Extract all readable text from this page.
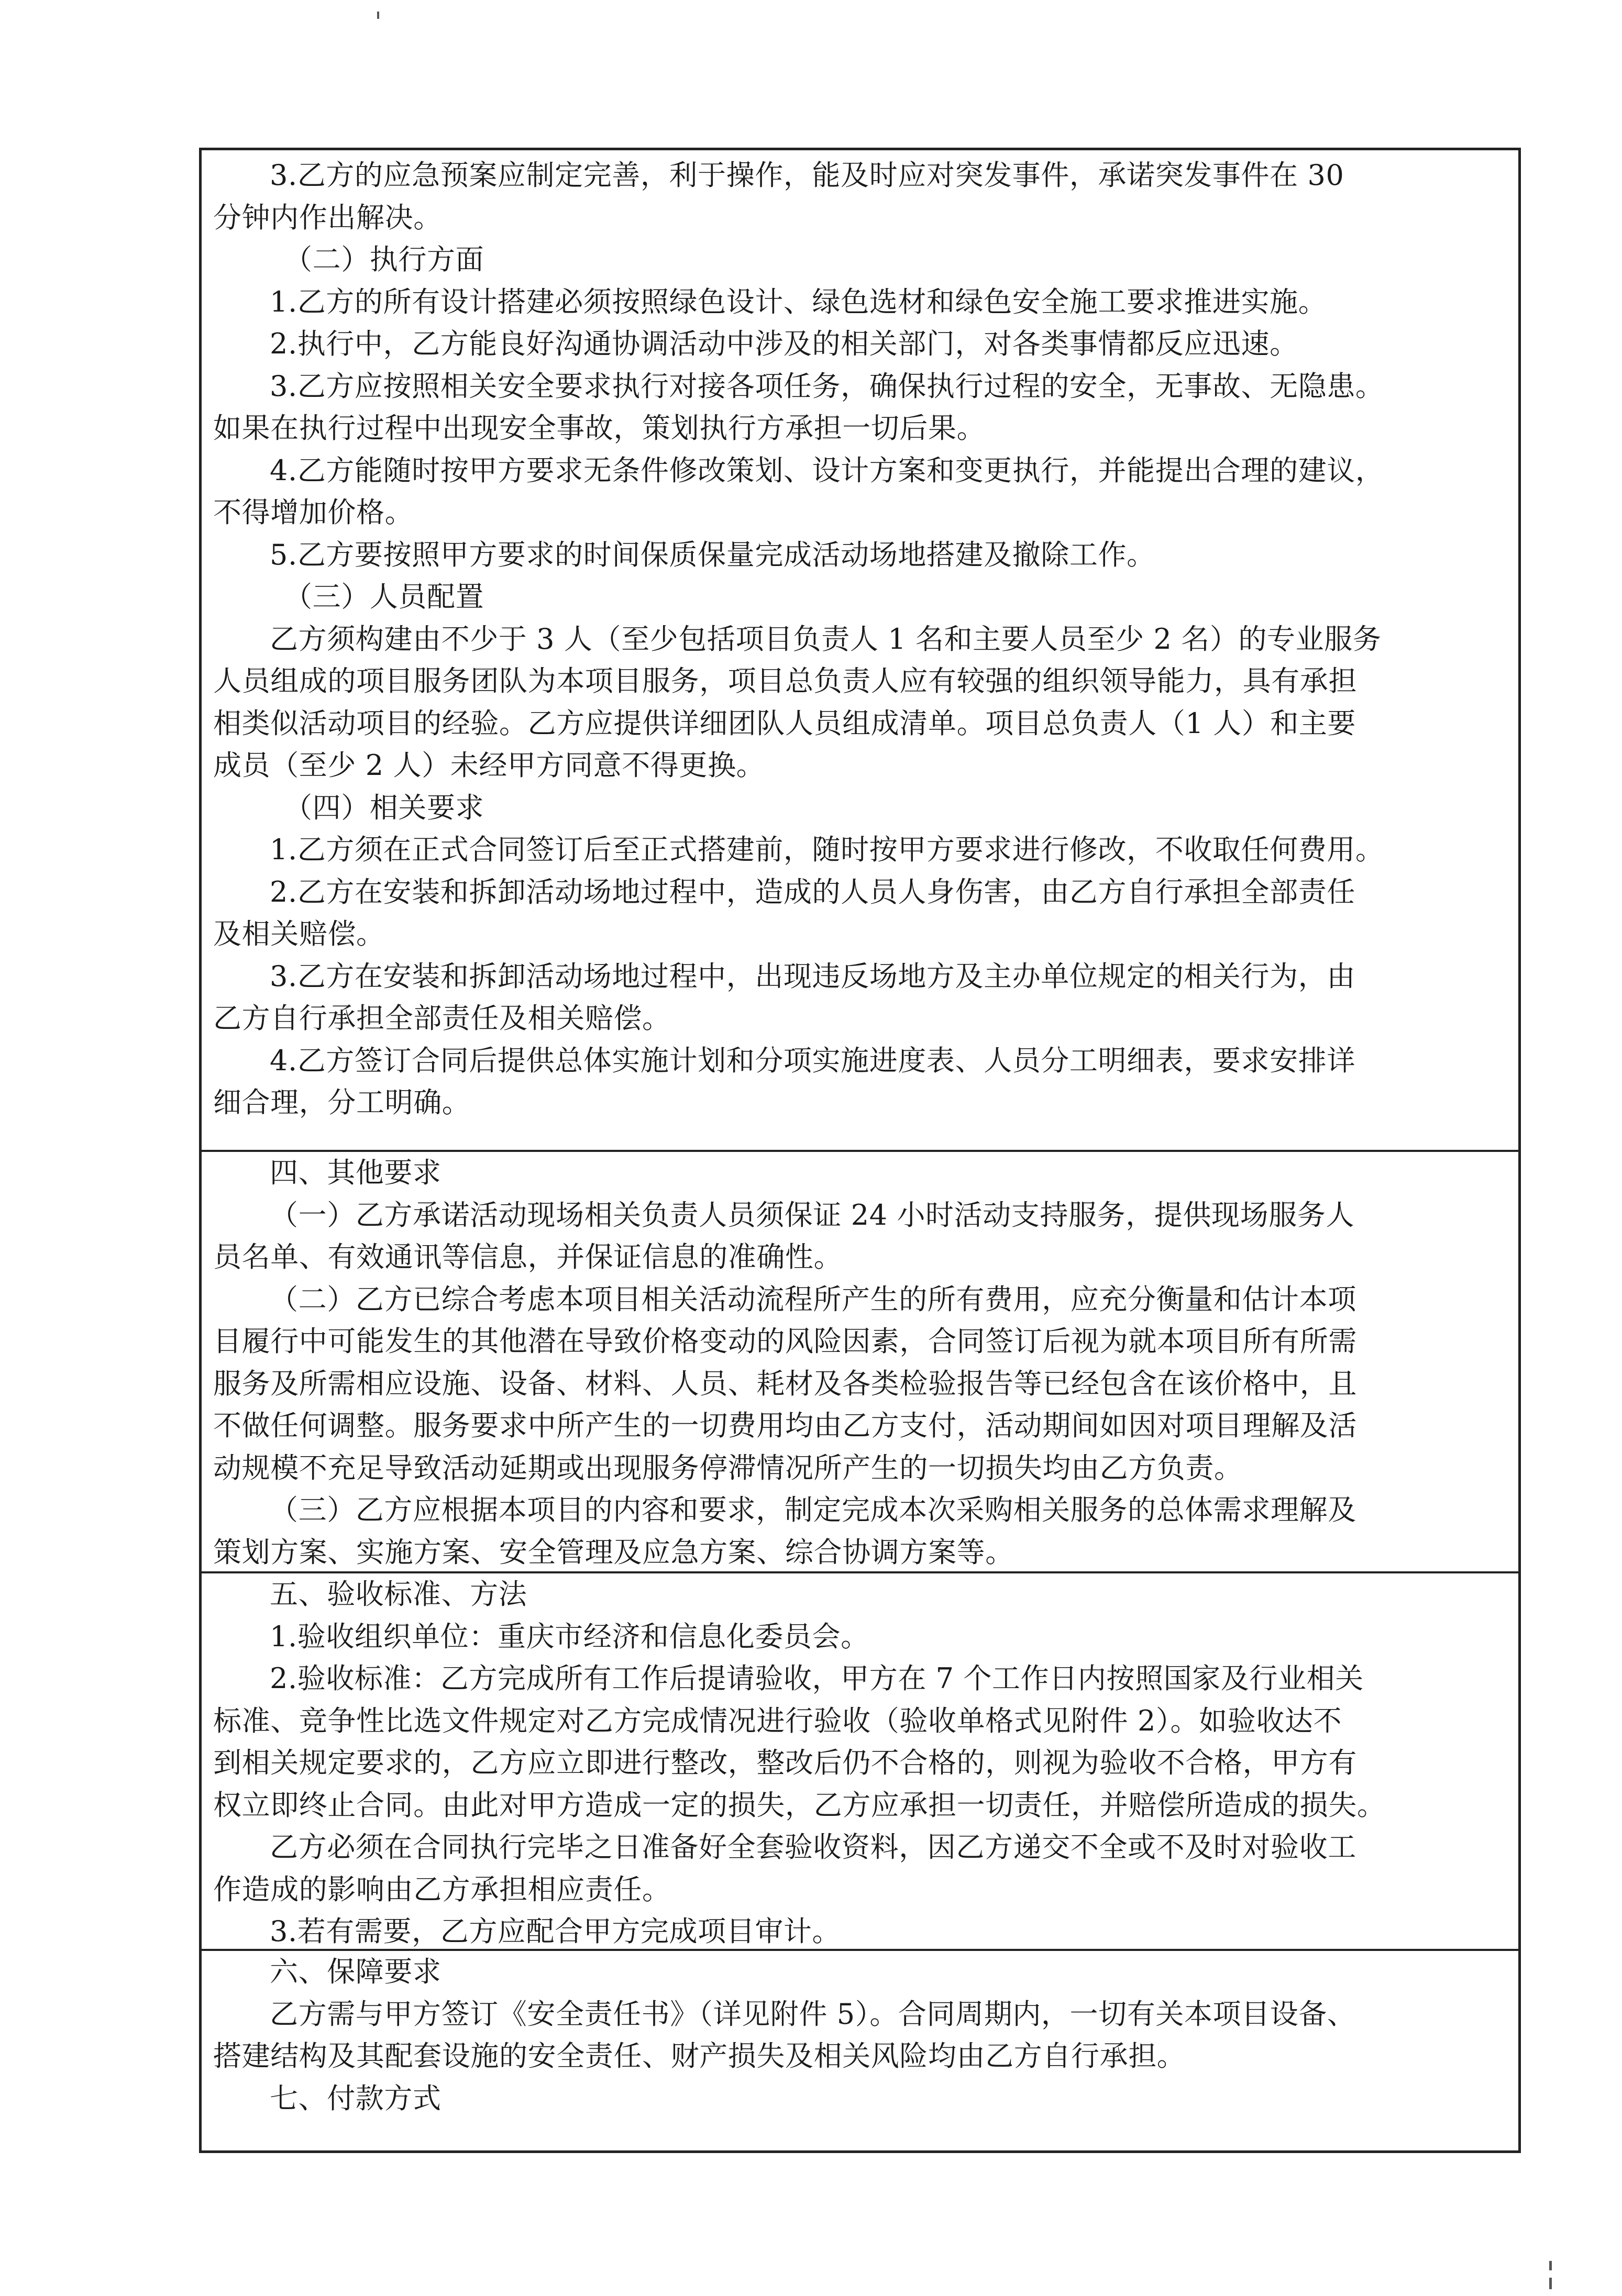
3.乙方的应急预案应制定完善，利于操作，能及时应对突发事件，承诺突发事件在 30
分钟内作出解决。
（二）执行方面
1.乙方的所有设计搭建必须按照绿色设计、绿色选材和绿色安全施工要求推进实施。
2.执行中，乙方能良好沟通协调活动中涉及的相关部门，对各类事情都反应迅速。
3.乙方应按照相关安全要求执行对接各项任务，确保执行过程的安全，无事故、无隐患。
如果在执行过程中出现安全事故，策划执行方承担一切后果。
4.乙方能随时按甲方要求无条件修改策划、设计方案和变更执行，并能提出合理的建议，
不得增加价格。
5.乙方要按照甲方要求的时间保质保量完成活动场地搭建及撤除工作。
（三）人员配置
乙方须构建由不少于 3 人（至少包括项目负责人 1 名和主要人员至少 2 名）的专业服务
人员组成的项目服务团队为本项目服务，项目总负责人应有较强的组织领导能力，具有承担
相类似活动项目的经验。乙方应提供详细团队人员组成清单。项目总负责人（1 人）和主要
成员（至少 2 人）未经甲方同意不得更换。
（四）相关要求
1.乙方须在正式合同签订后至正式搭建前，随时按甲方要求进行修改，不收取任何费用。
2.乙方在安装和拆卸活动场地过程中，造成的人员人身伤害，由乙方自行承担全部责任
及相关赔偿。
3.乙方在安装和拆卸活动场地过程中，出现违反场地方及主办单位规定的相关行为，由
乙方自行承担全部责任及相关赔偿。
4.乙方签订合同后提供总体实施计划和分项实施进度表、人员分工明细表，要求安排详
细合理，分工明确。
四、其他要求
（一）乙方承诺活动现场相关负责人员须保证 24 小时活动支持服务，提供现场服务人
员名单、有效通讯等信息，并保证信息的准确性。
（二）乙方已综合考虑本项目相关活动流程所产生的所有费用，应充分衡量和估计本项
目履行中可能发生的其他潜在导致价格变动的风险因素，合同签订后视为就本项目所有所需
服务及所需相应设施、设备、材料、人员、耗材及各类检验报告等已经包含在该价格中，且
不做任何调整。服务要求中所产生的一切费用均由乙方支付，活动期间如因对项目理解及活
动规模不充足导致活动延期或出现服务停滞情况所产生的一切损失均由乙方负责。
（三）乙方应根据本项目的内容和要求，制定完成本次采购相关服务的总体需求理解及
策划方案、实施方案、安全管理及应急方案、综合协调方案等。
五、验收标准、方法
1.验收组织单位：重庆市经济和信息化委员会。
2.验收标准：乙方完成所有工作后提请验收，甲方在 7 个工作日内按照国家及行业相关
标准、竞争性比选文件规定对乙方完成情况进行验收（验收单格式见附件 2）。如验收达不
到相关规定要求的，乙方应立即进行整改，整改后仍不合格的，则视为验收不合格，甲方有
权立即终止合同。由此对甲方造成一定的损失，乙方应承担一切责任，并赔偿所造成的损失。
乙方必须在合同执行完毕之日准备好全套验收资料，因乙方递交不全或不及时对验收工
作造成的影响由乙方承担相应责任。
3.若有需要，乙方应配合甲方完成项目审计。
六、保障要求
乙方需与甲方签订《安全责任书》（详见附件 5）。合同周期内，一切有关本项目设备、
搭建结构及其配套设施的安全责任、财产损失及相关风险均由乙方自行承担。
七、付款方式
